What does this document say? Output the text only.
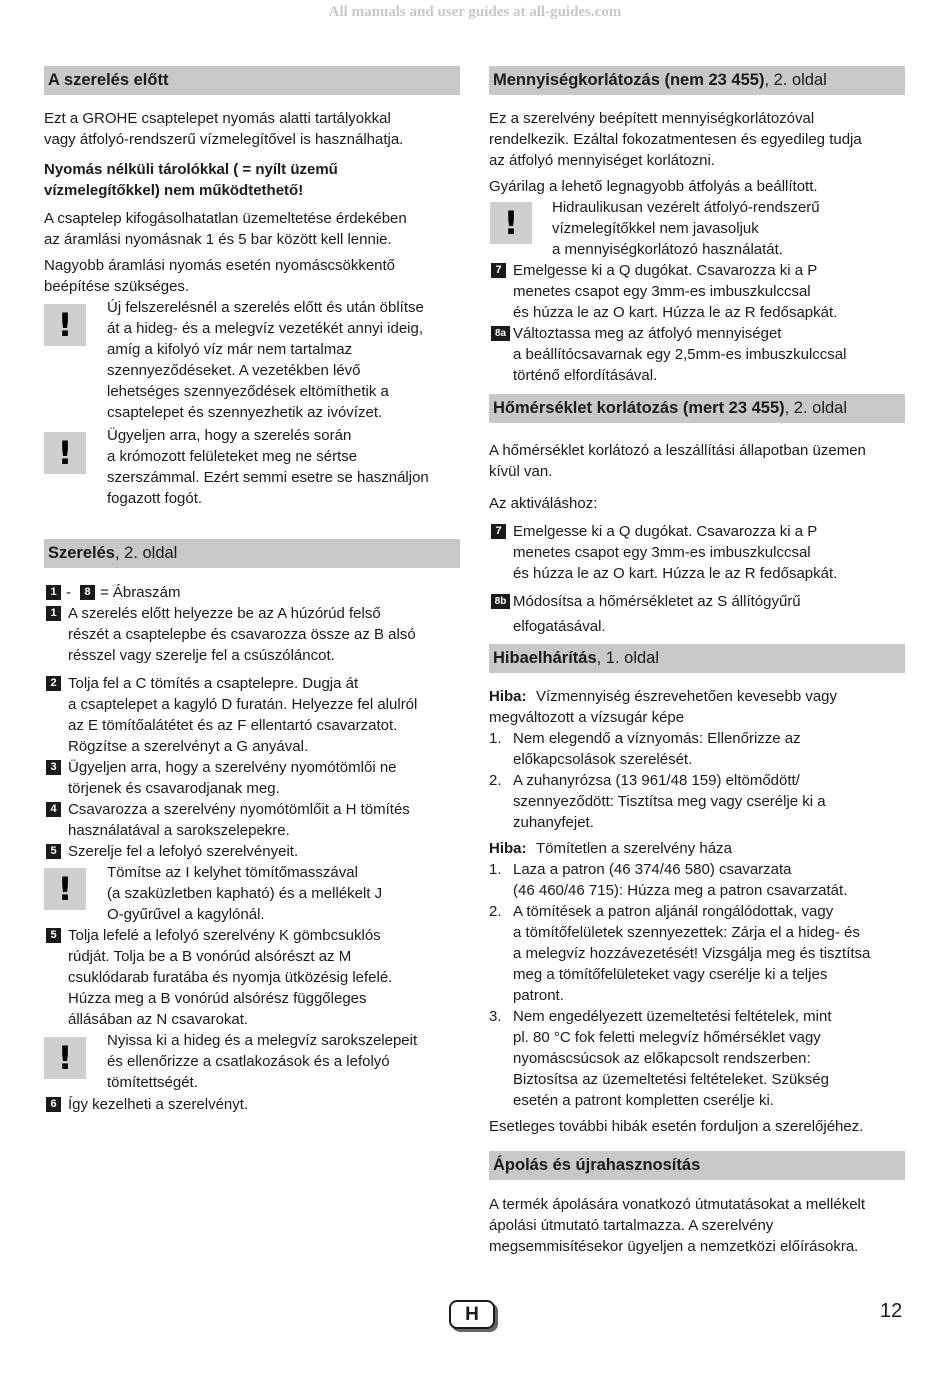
All manuals and user guides at all-guides.com
A szerelés előtt
Ezt a GROHE csaptelepet nyomás alatti tartályokkal
vagy átfolyó-rendszerű vízmelegítővel is használhatja.
Nyomás nélküli tárolókkal ( = nyílt üzemű
vízmelegítőkkel) nem működtethető!
A csaptelep kifogásolhatatlan üzemeltetése érdekében
az áramlási nyomásnak 1 és 5 bar között kell lennie.
Nagyobb áramlási nyomás esetén nyomáscsökkentő
beépítése szükséges.
!	Új felszerelésnél a szerelés előtt és után öblítse
át a hideg- és a melegvíz vezetékét annyi ideig,
amíg a kifolyó víz már nem tartalmaz
szennyeződéseket. A vezetékben lévő
lehetséges szennyeződések eltömíthetik a
csaptelepet és szennyezhetik az ivóvízet.
!	Ügyeljen arra, hogy a szerelés során
a krómozott felületeket meg ne sértse
szerszámmal. Ezért semmi esetre se használjon
fogazott fogót.
Szerelés, 2. oldal
1 -	8 = Ábraszám
1 A szerelés előtt helyezze be az A húzórúd felső
részét a csaptelepbe és csavarozza össze az B alsó
résszel vagy szerelje fel a csúszóláncot.
2 Tolja fel a C tömítés a csaptelepre. Dugja át
a csaptelepet a kagyló D furatán. Helyezze fel alulról
az E tömítőalátétet és az F ellentartó csavarzatot.
Rögzítse a szerelvényt a G anyával.
3 Ügyeljen arra, hogy a szerelvény nyomótömlői ne
törjenek és csavarodjanak meg.
4 Csavarozza a szerelvény nyomótömlőit a H tömítés
használatával a sarokszelepekre.
5 Szerelje fel a lefolyó szerelvényeit.
!	Tömítse az I kelyhet tömítőmasszával
(a szaküzletben kapható) és a mellékelt J
O-gyűrűvel a kagylónál.
5 Tolja lefelé a lefolyó szerelvény K gömbcsuklós
rúdját. Tolja be a B vonórúd alsórészt az M
csuklódarab furatába és nyomja ütközésig lefelé.
Húzza meg a B vonórúd alsórész függőleges
állásában az N csavarokat.
!	Nyissa ki a hideg és a melegvíz sarokszelepeit
és ellenőrizze a csatlakozások és a lefolyó
tömítettségét.
6 Így kezelheti a szerelvényt.
Mennyiségkorlátozás (nem 23 455), 2. oldal
Ez a szerelvény beépített mennyiségkorlátozóval
rendelkezik. Ezáltal fokozatmentesen és egyedileg tudja
az átfolyó mennyiséget korlátozni.
Gyárilag a lehető legnagyobb átfolyás a beállított.
!	Hidraulikusan vezérelt átfolyó-rendszerű
vízmelegítőkkel nem javasoljuk
a mennyiségkorlátozó használatát.
7 Emelgesse ki a Q dugókat. Csavarozza ki a P
menetes csapot egy 3mm-es imbuszkulccsal
és húzza le az O kart. Húzza le az R fedősapkát.
8a Változtassa meg az átfolyó mennyiséget
a beállítócsavarnak egy 2,5mm-es imbuszkulccsal
történő elfordításával.
Hőmérséklet korlátozás (mert 23 455), 2. oldal
A hőmérséklet korlátozó a leszállítási állapotban üzemen
kívül van.
Az aktiváláshoz:
7 Emelgesse ki a Q dugókat. Csavarozza ki a P
menetes csapot egy 3mm-es imbuszkulccsal
és húzza le az O kart. Húzza le az R fedősapkát.
8b Módosítsa a hőmérsékletet az S állítógyűrű
elfogatásával.
Hibaelhárítás, 1. oldal
Hiba: Vízmennyiség észrevehetően kevesebb vagy
megváltozott a vízsugár képe
1. Nem elegendő a víznyomás: Ellenőrizze az
előkapcsolások szerelését.
2. A zuhanyrózsa (13 961/48 159) eltömődött/
szennyeződött: Tisztítsa meg vagy cserélje ki a
zuhanyfejet.
Hiba: Tömítetlen a szerelvény háza
1. Laza a patron (46 374/46 580) csavarzata
(46 460/46 715): Húzza meg a patron csavarzatát.
2. A tömítések a patron aljánál rongálódottak, vagy
a tömítőfelületek szennyezettek: Zárja el a hideg- és
a melegvíz hozzávezetését! Vizsgálja meg és tisztítsa
meg a tömítőfelületeket vagy cserélje ki a teljes
patront.
3. Nem engedélyezett üzemeltetési feltételek, mint
pl. 80 °C fok feletti melegvíz hőmérséklet vagy
nyomáscsúcsok az előkapcsolt rendszerben:
Biztosítsa az üzemeltetési feltételeket. Szükség
esetén a patront kompletten cserélje ki.
Esetleges további hibák esetén forduljon a szerelőjéhez.
Ápolás és újrahasznosítás
A termék ápolására vonatkozó útmutatásokat a mellékelt
ápolási útmutató tartalmazza. A szerelvény
megsemmisítésekor ügyeljen a nemzetközi előírásokra.
H	12
